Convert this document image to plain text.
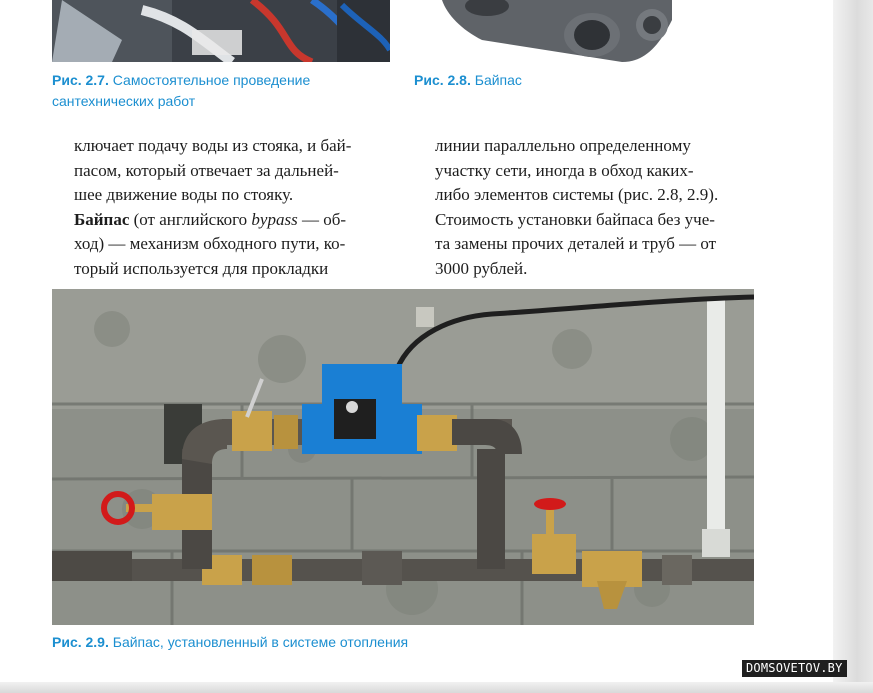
Рис. 2.7. Самостоятельное проведение
сантехнических работ
Рис. 2.8. Байпас

ключает подачу воды из стояка, и бай-

пасом, который отвечает за дальней-

шее движение воды по стояку.

Байпас (от английского bypass — об-

ход) — механизм обходного пути, ко-

торый используется для прокладки

линии параллельно определенному

участку сети, иногда в обход каких-

либо элементов системы (рис. 2.8, 2.9).

Стоимость установки байпаса без уче-

та замены прочих деталей и труб — от

3000 рублей.

Рис. 2.9. Байпас, установленный в системе отопления
DOMSOVETOV.BY
